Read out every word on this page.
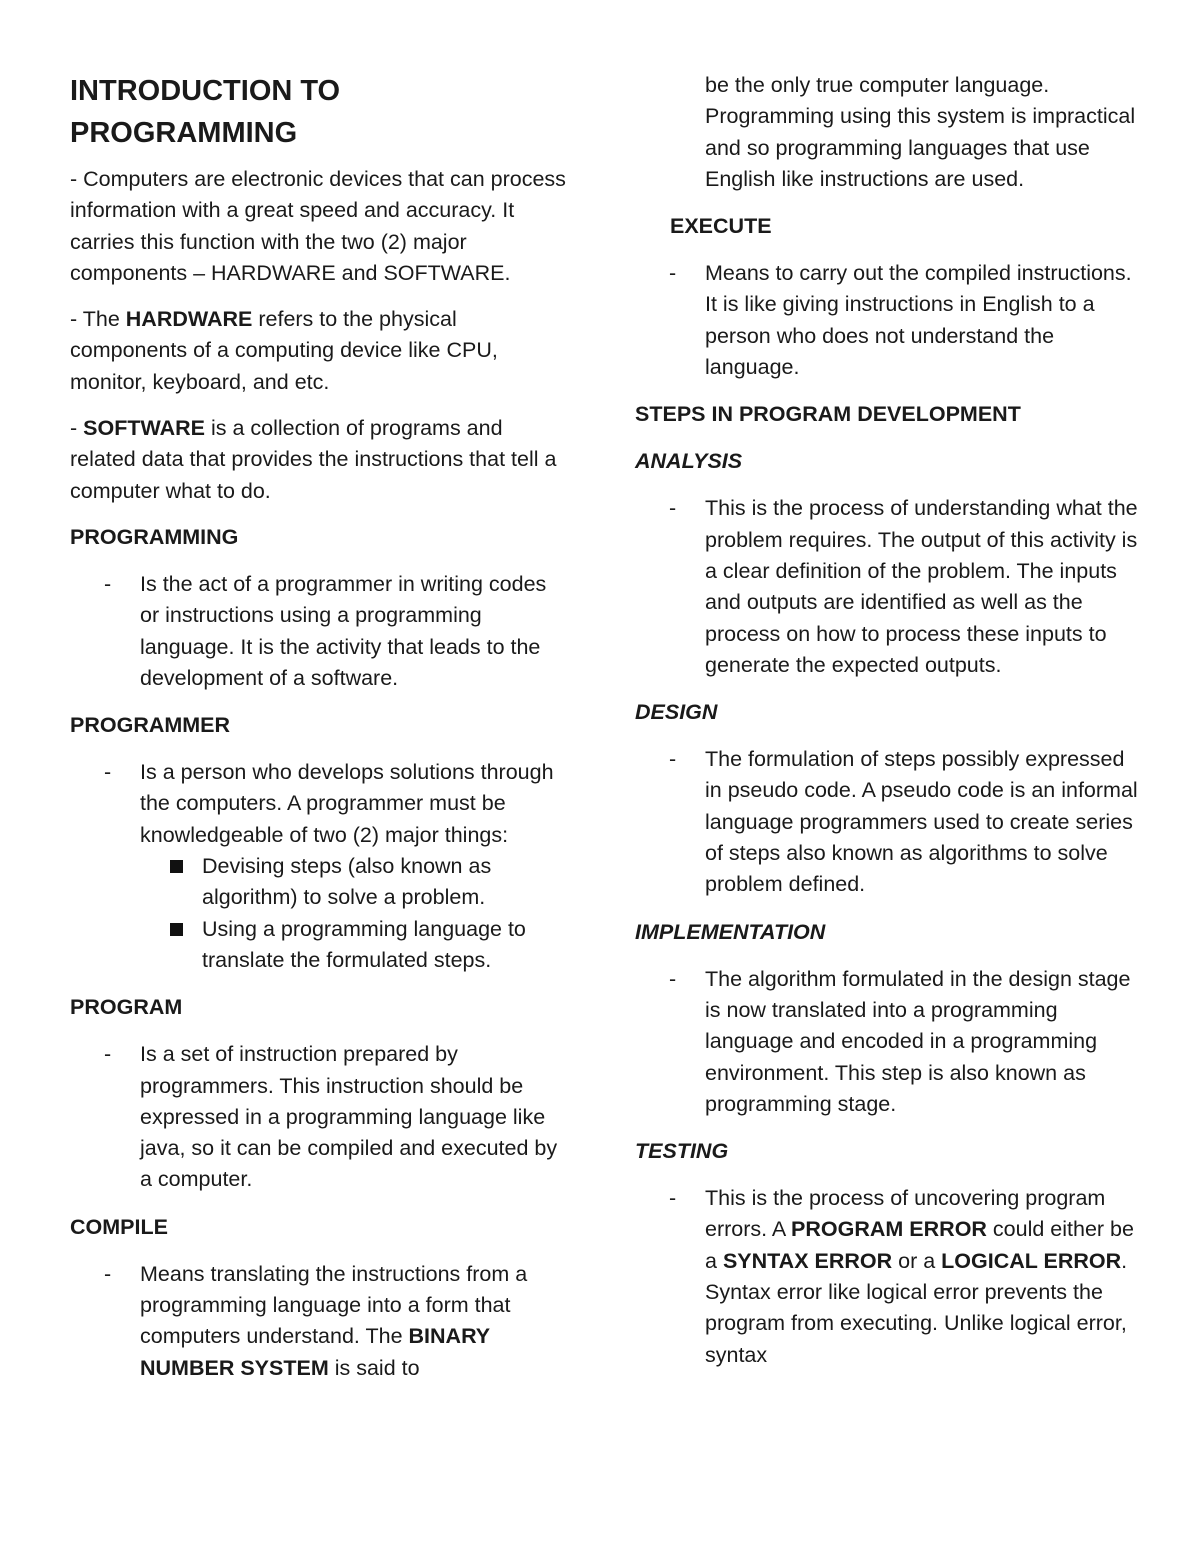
INTRODUCTION TO
PROGRAMMING

- Computers are electronic devices that can process information with a great speed and accuracy. It carries this function with the two (2) major components – HARDWARE and SOFTWARE.

- The HARDWARE refers to the physical components of a computing device like CPU, monitor, keyboard, and etc.

- SOFTWARE is a collection of programs and related data that provides the instructions that tell a computer what to do.

PROGRAMMING
- Is the act of a programmer in writing codes or instructions using a programming language. It is the activity that leads to the development of a software.
PROGRAMMER
- Is a person who develops solutions through the computers. A programmer must be knowledgeable of two (2) major things:
Devising steps (also known as algorithm) to solve a problem.
Using a programming language to translate the formulated steps.
PROGRAM
- Is a set of instruction prepared by programmers. This instruction should be expressed in a programming language like java, so it can be compiled and executed by a computer.
COMPILE
- Means translating the instructions from a programming language into a form that computers understand. The BINARY NUMBER SYSTEM is said to
be the only true computer language. Programming using this system is impractical and so programming languages that use English like instructions are used.
EXECUTE
- Means to carry out the compiled instructions. It is like giving instructions in English to a person who does not understand the language.
STEPS IN PROGRAM DEVELOPMENT
ANALYSIS
- This is the process of understanding what the problem requires. The output of this activity is a clear definition of the problem. The inputs and outputs are identified as well as the process on how to process these inputs to generate the expected outputs.
DESIGN
- The formulation of steps possibly expressed in pseudo code. A pseudo code is an informal language programmers used to create series of steps also known as algorithms to solve problem defined.
IMPLEMENTATION
- The algorithm formulated in the design stage is now translated into a programming language and encoded in a programming environment. This step is also known as programming stage.
TESTING
- This is the process of uncovering program errors. A PROGRAM ERROR could either be a SYNTAX ERROR or a LOGICAL ERROR. Syntax error like logical error prevents the program from executing. Unlike logical error, syntax
